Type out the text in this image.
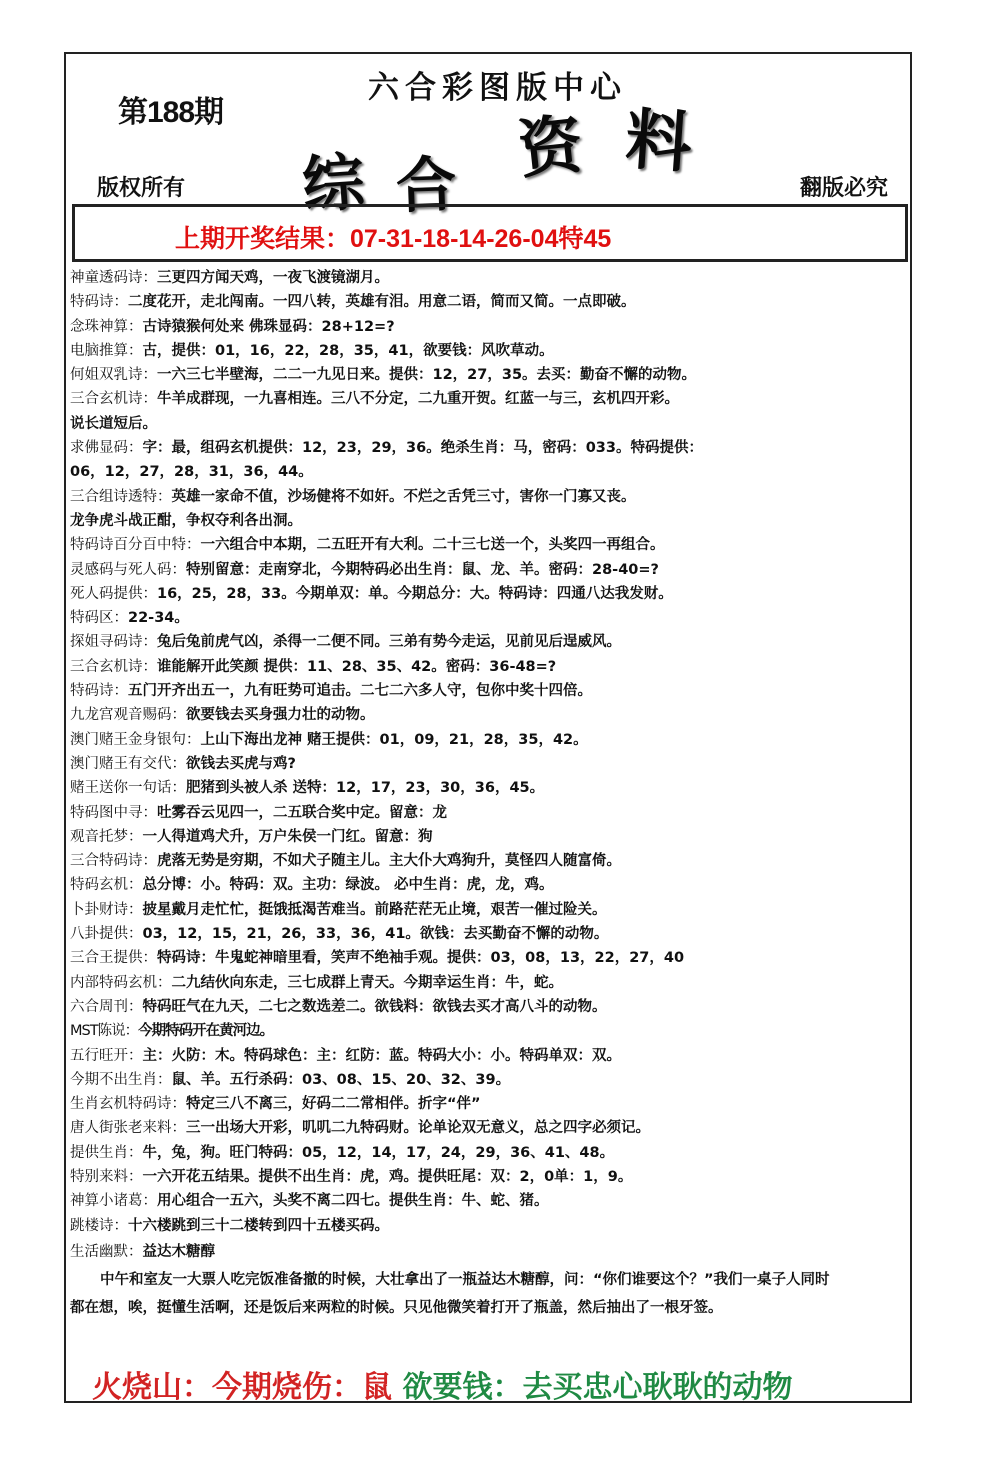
第188期
六合彩图版中心
综 合 资 料
版权所有	翻版必究
上期开奖结果：07-31-18-14-26-04特45
神童透码诗：三更四方闻天鸡，一夜飞渡镜湖月。
特码诗：二度花开，走北闯南。一四八转，英雄有泪。用意二语，简而又简。一点即破。
念珠神算：古诗猿猴何处来 佛珠显码：28+12=?
电脑推算：古，提供：01，16，22，28，35，41，欲要钱：风吹草动。
何姐双乳诗：一六三七半壁海，二二一九见日来。提供：12，27，35。去买：勤奋不懈的动物。
三合玄机诗：牛羊成群现，一九喜相连。三八不分定，二九重开贺。红蓝一与三，玄机四开彩。
说长道短后。
求佛显码：字：最，组码玄机提供：12，23，29，36。绝杀生肖：马，密码：033。特码提供：
06，12，27，28，31，36，44。
三合组诗透特：英雄一家命不值，沙场健将不如奸。不烂之舌凭三寸，害你一门寡又丧。
龙争虎斗战正酣，争权夺利各出洞。
特码诗百分百中特：一六组合中本期，二五旺开有大利。二十三七送一个，头奖四一再组合。
灵感码与死人码：特别留意：走南穿北，今期特码必出生肖：鼠、龙、羊。密码：28-40=?
死人码提供：16，25，28，33。今期单双：单。今期总分：大。特码诗：四通八达我发财。
特码区：22-34。
探姐寻码诗：兔后兔前虎气凶，杀得一二便不同。三弟有势今走运，见前见后逞威风。
三合玄机诗：谁能解开此笑颜 提供：11、28、35、42。密码：36-48=?
特码诗：五门开齐出五一，九有旺势可追击。二七二六多人守，包你中奖十四倍。
九龙宫观音赐码：欲要钱去买身强力壮的动物。
澳门赌王金身银句：上山下海出龙神 赌王提供：01，09，21，28，35，42。
澳门赌王有交代：欲钱去买虎与鸡?
赌王送你一句话：肥猪到头被人杀 送特：12，17，23，30，36，45。
特码图中寻：吐雾吞云见四一，二五联合奖中定。留意：龙
观音托梦：一人得道鸡犬升，万户朱侯一门红。留意：狗
三合特码诗：虎落无势是穷期，不如犬子随主儿。主大仆大鸡狗升，莫怪四人随富倚。
特码玄机：总分博：小。特码：双。主功：绿波。 必中生肖：虎，龙，鸡。
卜卦财诗：披星戴月走忙忙，挺饿抵渴苦难当。前路茫茫无止境，艰苦一催过险关。
八卦提供：03，12，15，21，26，33，36，41。欲钱：去买勤奋不懈的动物。
三合王提供：特码诗：牛鬼蛇神暗里看，笑声不绝袖手观。提供：03，08，13，22，27，40
内部特码玄机：二九结伙向东走，三七成群上青天。今期幸运生肖：牛，蛇。
六合周刊：特码旺气在九天，二七之数选差二。欲钱料：欲钱去买才高八斗的动物。
MST陈说：今期特码开在黄河边。
五行旺开：主：火防：木。特码球色：主：红防：蓝。特码大小：小。特码单双：双。
今期不出生肖：鼠、羊。五行杀码：03、08、15、20、32、39。
生肖玄机特码诗：特定三八不离三，好码二二常相伴。折字“伴”
唐人街张老来料：三一出场大开彩，叽叽二九特码财。论单论双无意义，总之四字必须记。
提供生肖：牛，兔，狗。旺门特码：05，12，14，17，24，29，36、41、48。
特别来料：一六开花五结果。提供不出生肖：虎，鸡。提供旺尾：双：2，0单：1，9。
神算小诸葛：用心组合一五六，头奖不离二四七。提供生肖：牛、蛇、猪。
跳楼诗：十六楼跳到三十二楼转到四十五楼买码。
生活幽默：益达木糖醇
中午和室友一大票人吃完饭准备撤的时候，大壮拿出了一瓶益达木糖醇，问：“你们谁要这个？”我们一桌子人同时都在想，唉，挺懂生活啊，还是饭后来两粒的时候。只见他微笑着打开了瓶盖，然后抽出了一根牙签。
火烧山：今期烧伤：鼠 欲要钱：去买忠心耿耿的动物
